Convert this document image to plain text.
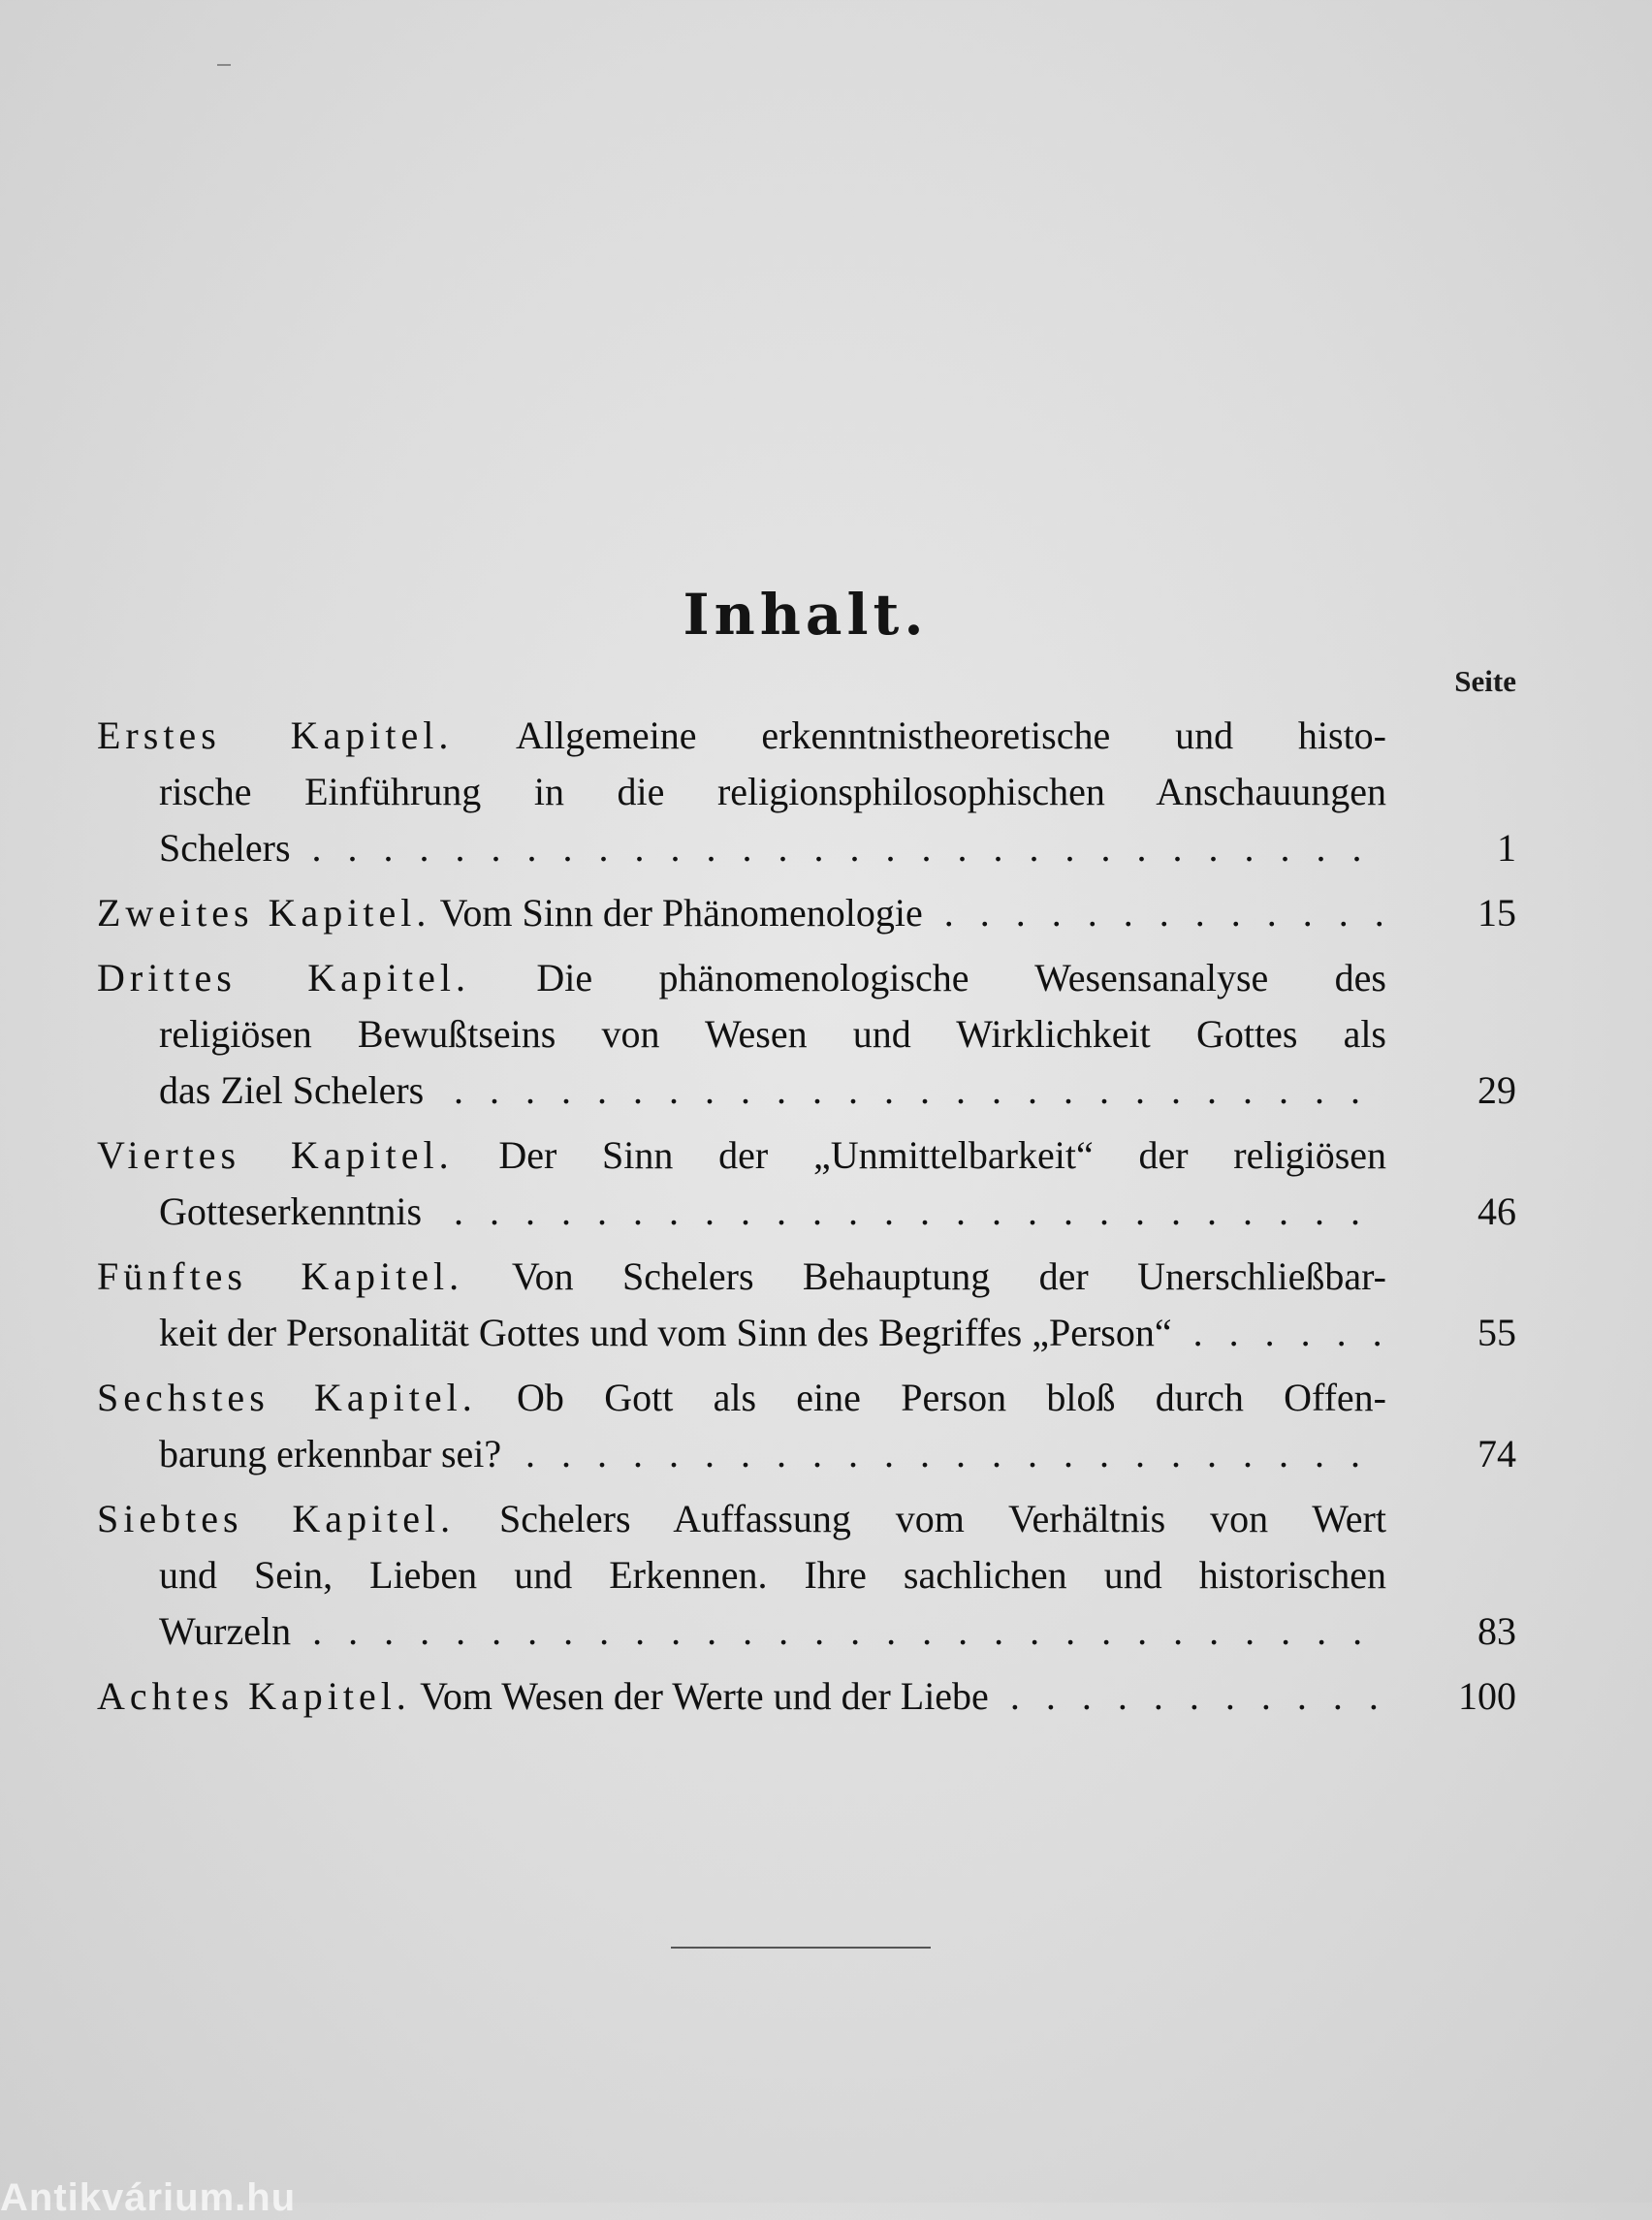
Inhalt.
Seite
Erstes Kapitel. Allgemeine erkenntnistheoretische und histo-
rische Einführung in die religionsphilosophischen Anschauungen
Schelers	1
..............................
Zweites Kapitel. Vom Sinn der Phänomenologie	15
.............
Drittes Kapitel. Die phänomenologische Wesensanalyse des
religiösen Bewußtseins von Wesen und Wirklichkeit Gottes als
das Ziel Schelers	29
..........................
Viertes Kapitel. Der Sinn der „Unmittelbarkeit“ der religiösen
Gotteserkenntnis	46
..........................
Fünftes Kapitel. Von Schelers Behauptung der Unerschließbar-
keit der Personalität Gottes und vom Sinn des Begriffes „Person“	55
......
Sechstes Kapitel. Ob Gott als eine Person bloß durch Offen-
barung erkennbar sei?	74
........................
Siebtes Kapitel. Schelers Auffassung vom Verhältnis von Wert
und Sein, Lieben und Erkennen. Ihre sachlichen und historischen
Wurzeln	83
..............................
Achtes Kapitel. Vom Wesen der Werte und der Liebe	100
...........
Antikvárium.hu
